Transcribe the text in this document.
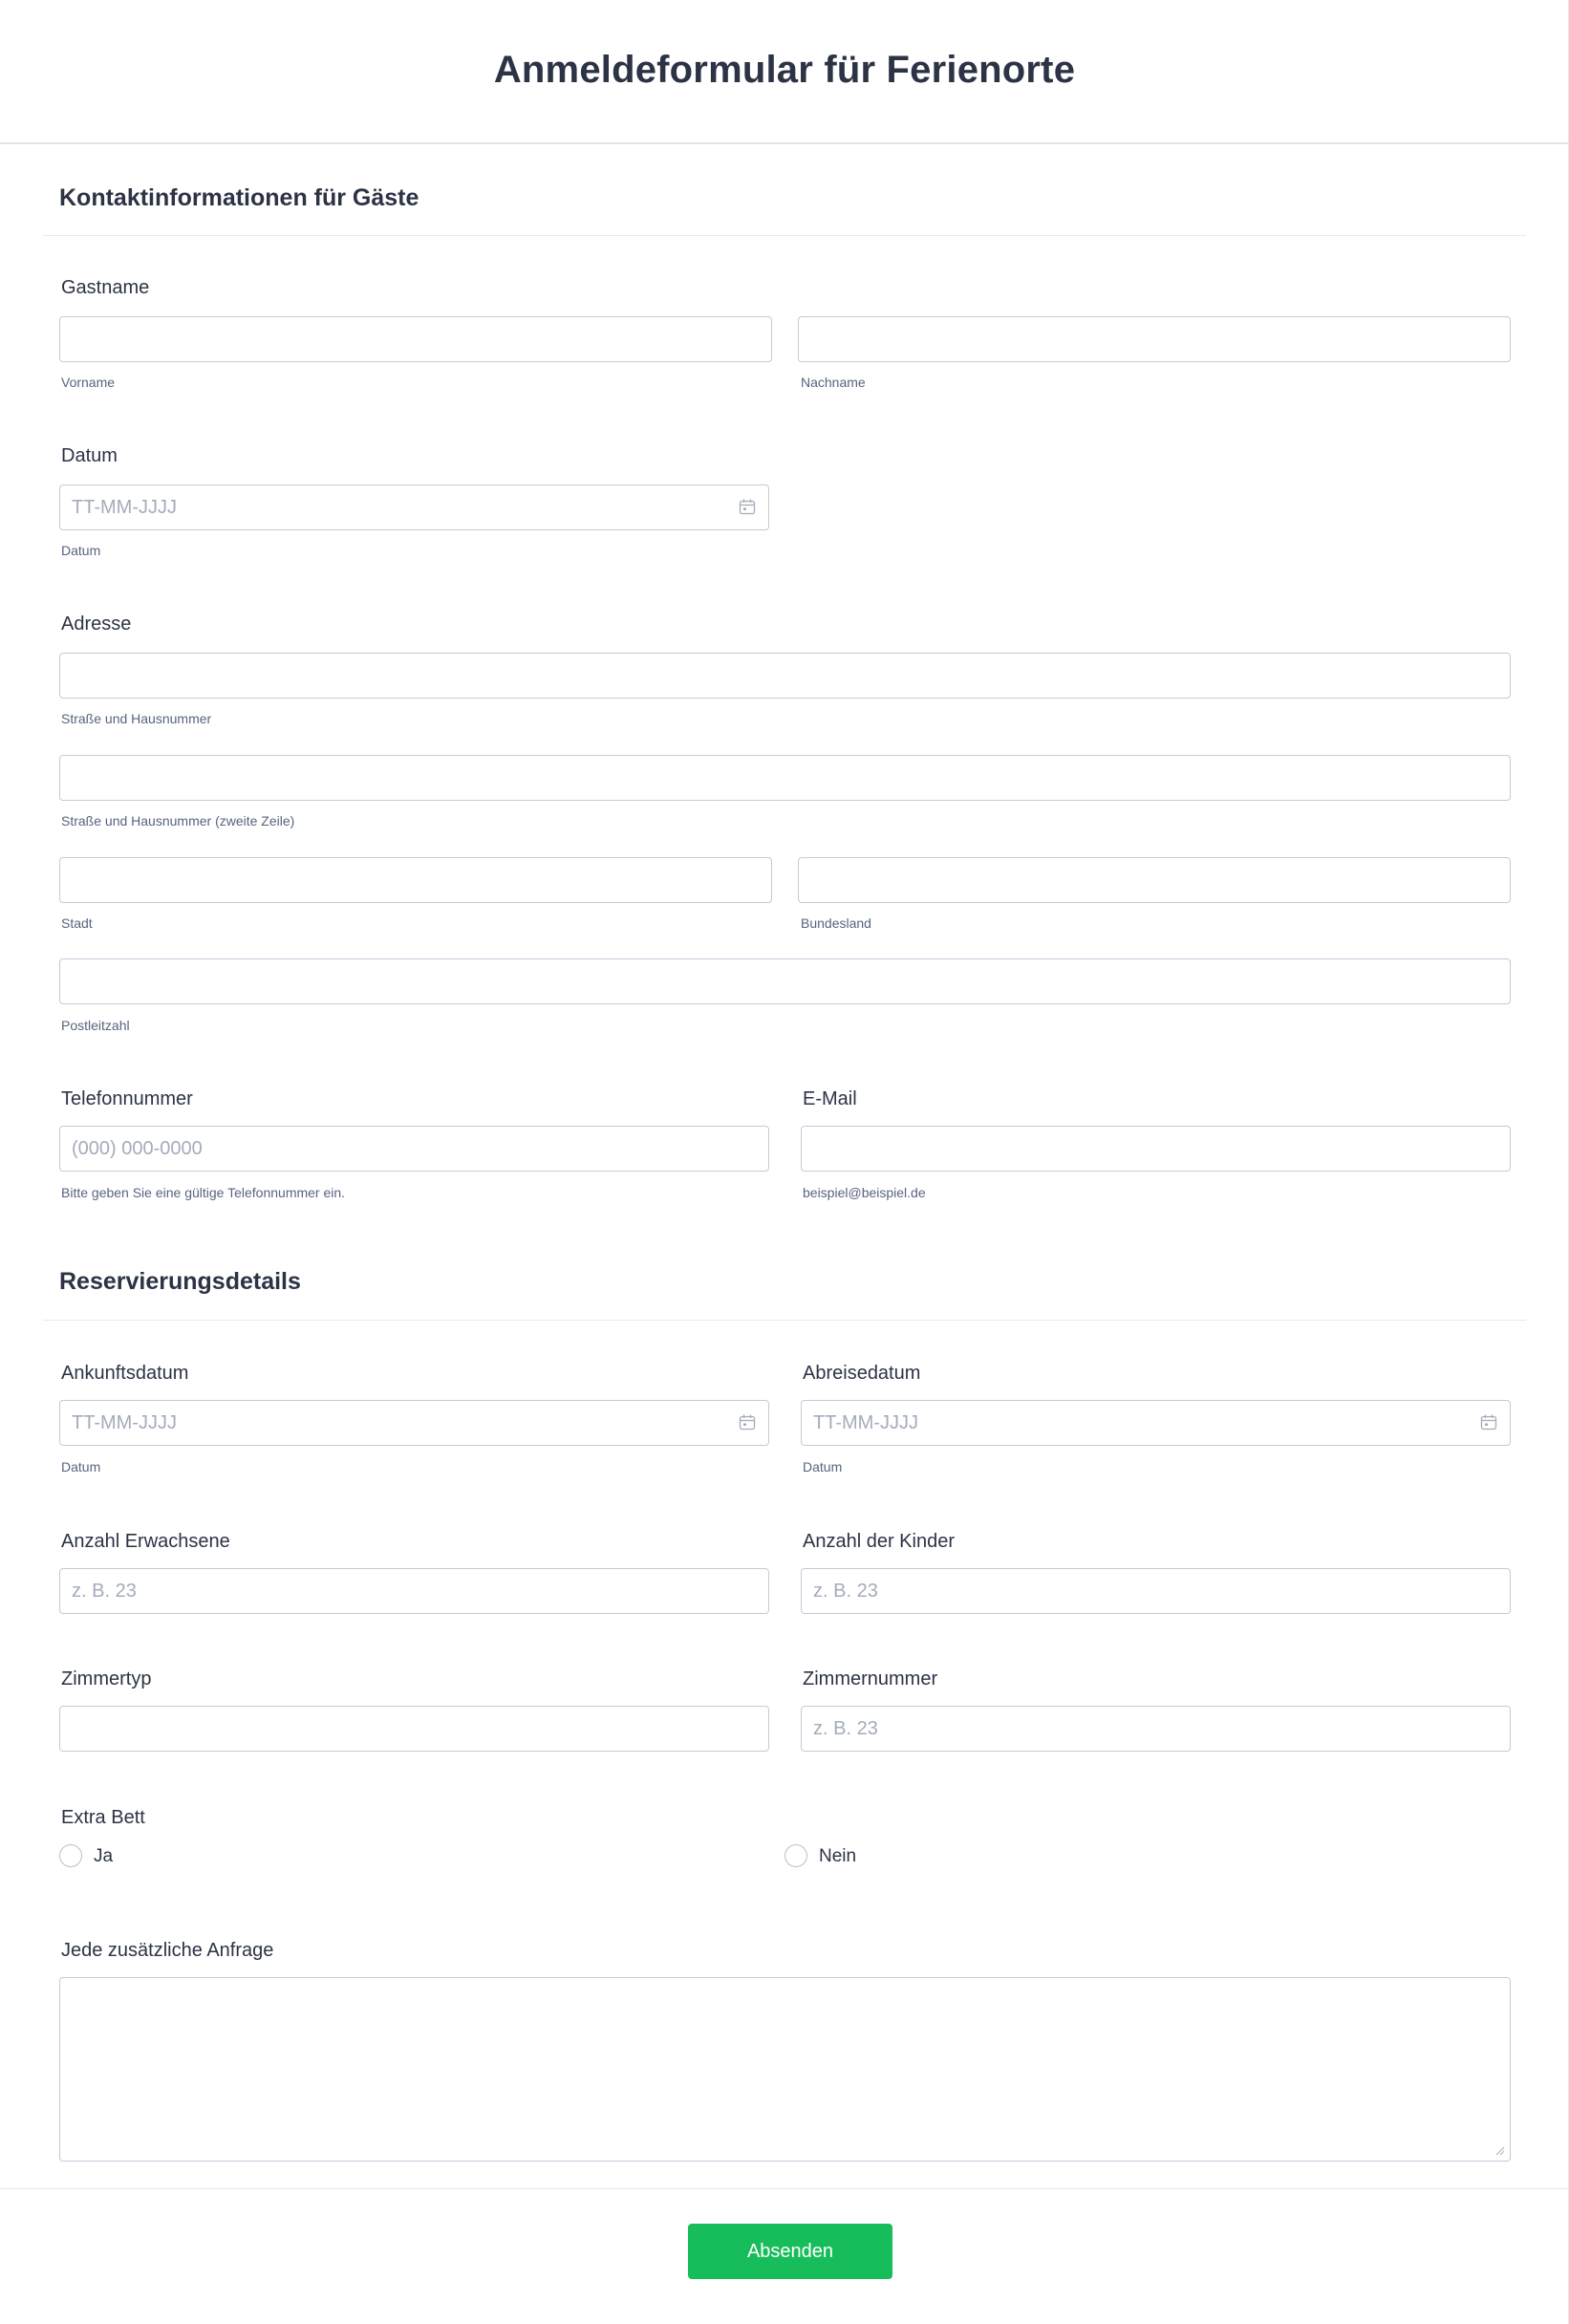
Anmeldeformular für Ferienorte
Kontaktinformationen für Gäste
Gastname
Vorname	Nachname
Datum
TT-MM-JJJJ
Datum
Adresse
Straße und Hausnummer
Straße und Hausnummer (zweite Zeile)
Stadt	Bundesland
Postleitzahl
Telefonnummer	E-Mail
(000) 000-0000
Bitte geben Sie eine gültige Telefonnummer ein.	beispiel@beispiel.de
Reservierungsdetails
Ankunftsdatum	Abreisedatum
TT-MM-JJJJ
TT-MM-JJJJ
Datum	Datum
Anzahl Erwachsene	Anzahl der Kinder
z. B. 23
z. B. 23
Zimmertyp	Zimmernummer
z. B. 23
Extra Bett
Ja	Nein
Jede zusätzliche Anfrage
Absenden
